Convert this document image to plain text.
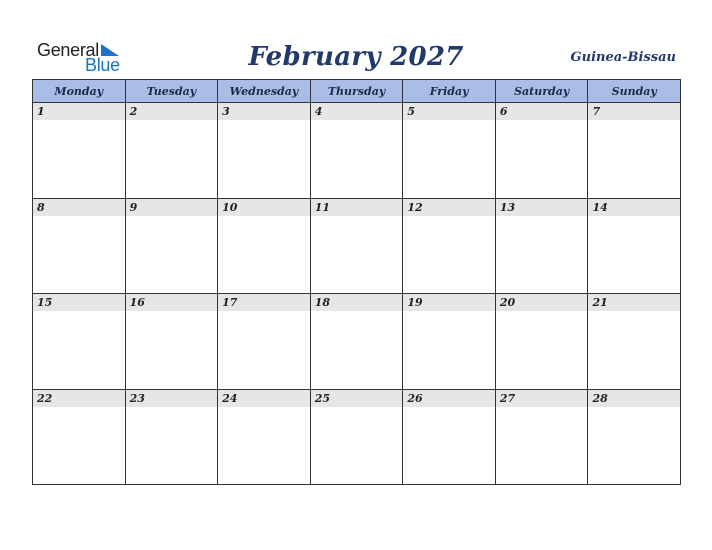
General
Blue	February 2027	Guinea-Bissau
Monday	Tuesday	Wednesday	Thursday	Friday	Saturday	Sunday
1	2	3	4	5	6	7
8	9	10	11	12	13	14
15	16	17	18	19	20	21
22	23	24	25	26	27	28
